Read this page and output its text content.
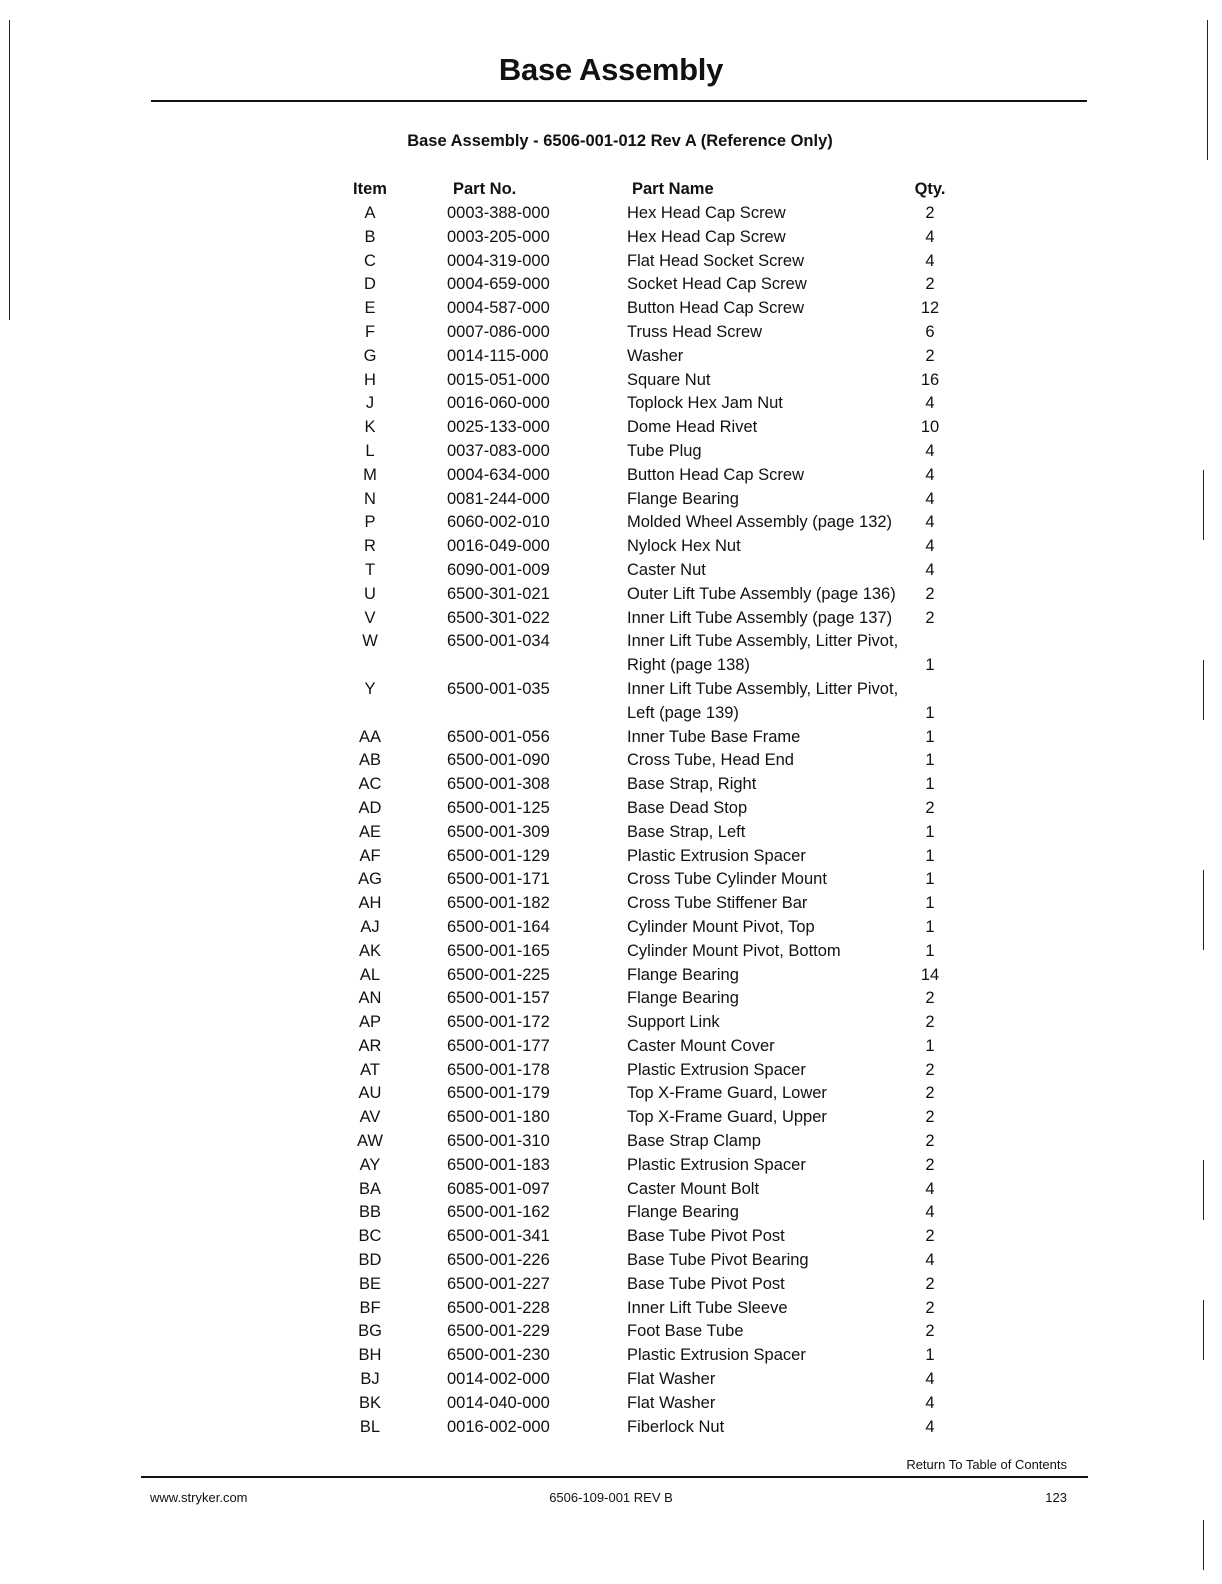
Base Assembly
Base Assembly - 6506-001-012 Rev A (Reference Only)
Item	Part No.	Part Name	Qty.
A	0003-388-000	Hex Head Cap Screw	2
B	0003-205-000	Hex Head Cap Screw	4
C	0004-319-000	Flat Head Socket Screw	4
D	0004-659-000	Socket Head Cap Screw	2
E	0004-587-000	Button Head Cap Screw	12
F	0007-086-000	Truss Head Screw	6
G	0014-115-000	Washer	2
H	0015-051-000	Square Nut	16
J	0016-060-000	Toplock Hex Jam Nut	4
K	0025-133-000	Dome Head Rivet	10
L	0037-083-000	Tube Plug	4
M	0004-634-000	Button Head Cap Screw	4
N	0081-244-000	Flange Bearing	4
P	6060-002-010	Molded Wheel Assembly (page 132)	4
R	0016-049-000	Nylock Hex Nut	4
T	6090-001-009	Caster Nut	4
U	6500-301-021	Outer Lift Tube Assembly (page 136)	2
V	6500-301-022	Inner Lift Tube Assembly (page 137)	2
W	6500-001-034	Inner Lift Tube Assembly, Litter Pivot,
Right (page 138)	1
Y	6500-001-035	Inner Lift Tube Assembly, Litter Pivot,
Left (page 139)	1
AA	6500-001-056	Inner Tube Base Frame	1
AB	6500-001-090	Cross Tube, Head End	1
AC	6500-001-308	Base Strap, Right	1
AD	6500-001-125	Base Dead Stop	2
AE	6500-001-309	Base Strap, Left	1
AF	6500-001-129	Plastic Extrusion Spacer	1
AG	6500-001-171	Cross Tube Cylinder Mount	1
AH	6500-001-182	Cross Tube Stiffener Bar	1
AJ	6500-001-164	Cylinder Mount Pivot, Top	1
AK	6500-001-165	Cylinder Mount Pivot, Bottom	1
AL	6500-001-225	Flange Bearing	14
AN	6500-001-157	Flange Bearing	2
AP	6500-001-172	Support Link	2
AR	6500-001-177	Caster Mount Cover	1
AT	6500-001-178	Plastic Extrusion Spacer	2
AU	6500-001-179	Top X-Frame Guard, Lower	2
AV	6500-001-180	Top X-Frame Guard, Upper	2
AW	6500-001-310	Base Strap Clamp	2
AY	6500-001-183	Plastic Extrusion Spacer	2
BA	6085-001-097	Caster Mount Bolt	4
BB	6500-001-162	Flange Bearing	4
BC	6500-001-341	Base Tube Pivot Post	2
BD	6500-001-226	Base Tube Pivot Bearing	4
BE	6500-001-227	Base Tube Pivot Post	2
BF	6500-001-228	Inner Lift Tube Sleeve	2
BG	6500-001-229	Foot Base Tube	2
BH	6500-001-230	Plastic Extrusion Spacer	1
BJ	0014-002-000	Flat Washer	4
BK	0014-040-000	Flat Washer	4
BL	0016-002-000	Fiberlock Nut	4
Return To Table of Contents
www.stryker.com	6506-109-001 REV B	123
